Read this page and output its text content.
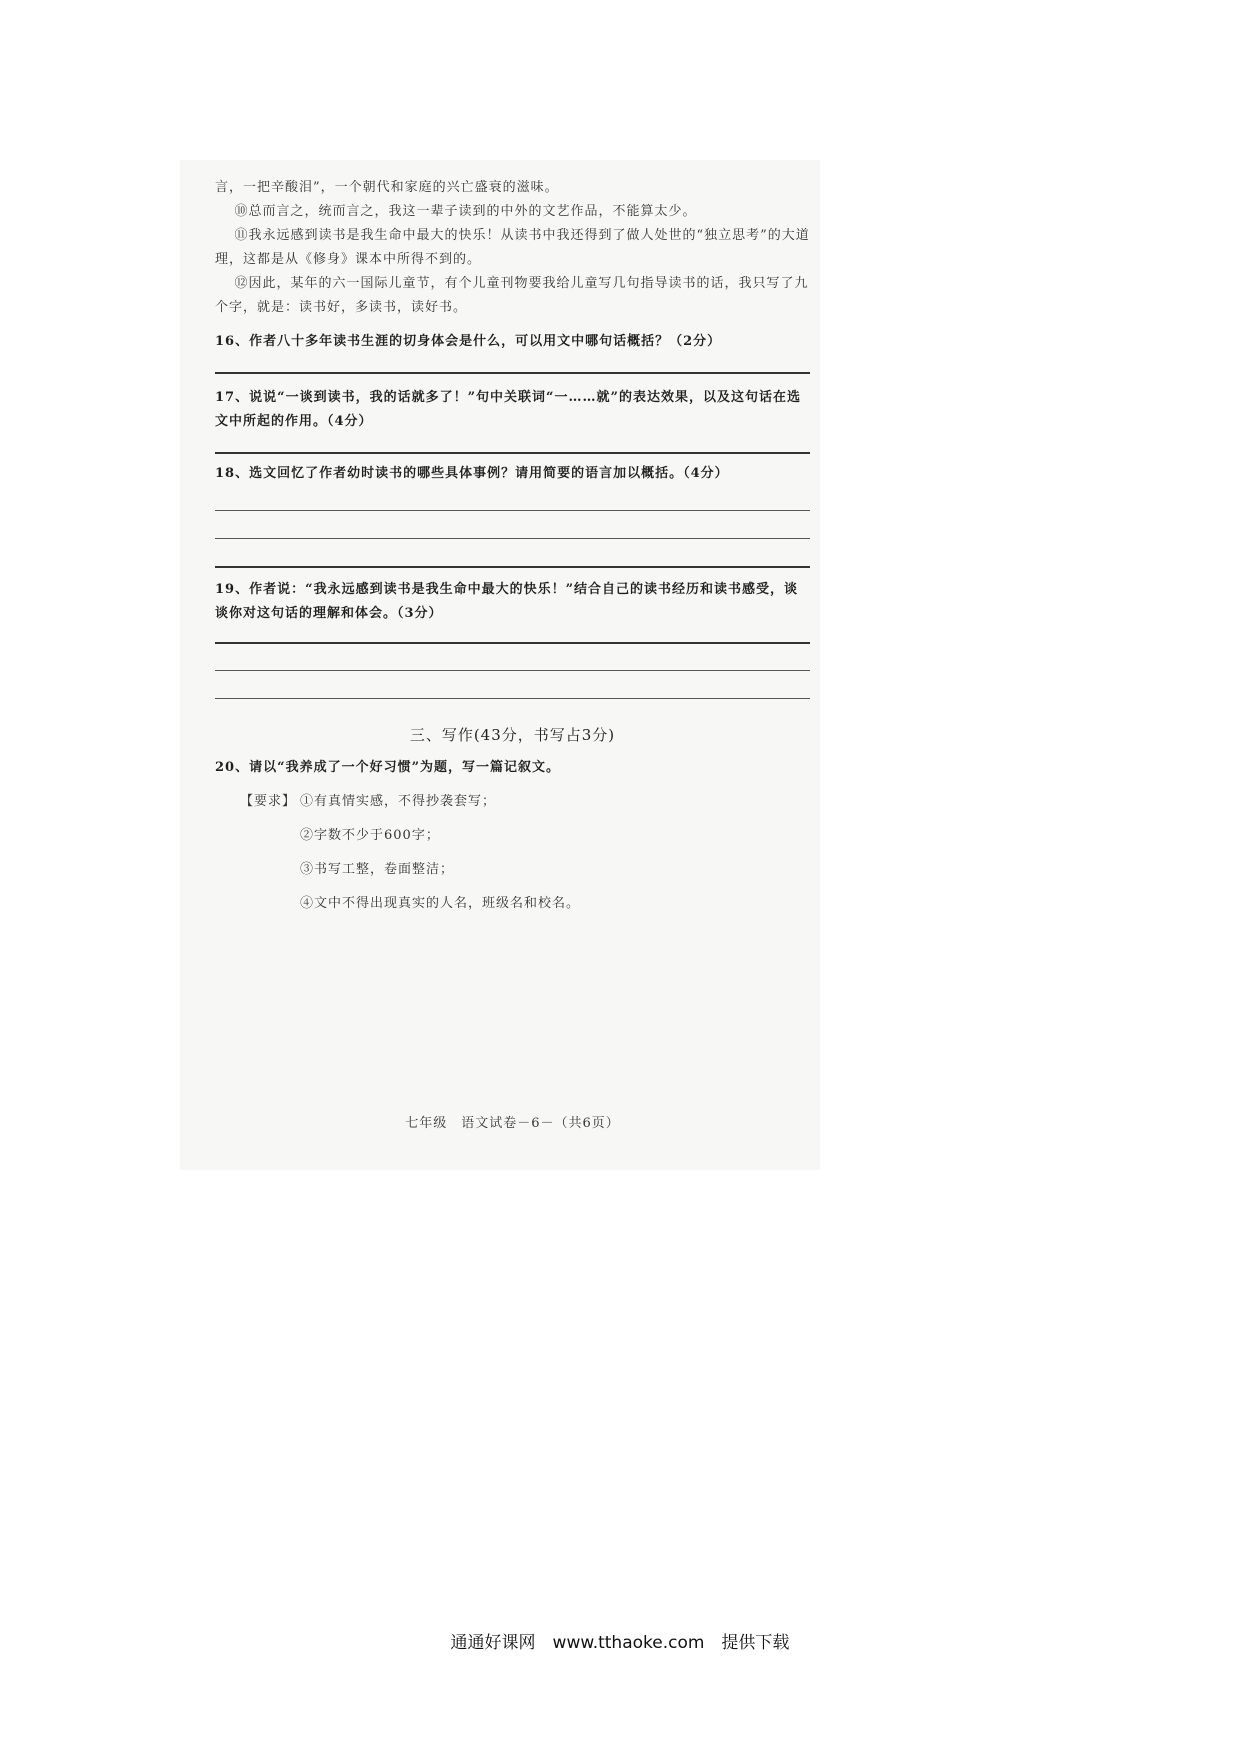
言，一把辛酸泪”，一个朝代和家庭的兴亡盛衰的滋味。
⑩总而言之，统而言之，我这一辈子读到的中外的文艺作品，不能算太少。
⑪我永远感到读书是我生命中最大的快乐！从读书中我还得到了做人处世的“独立思考”的大道理，这都是从《修身》课本中所得不到的。
⑫因此，某年的六一国际儿童节，有个儿童刊物要我给儿童写几句指导读书的话，我只写了九个字，就是：读书好，多读书，读好书。
16、作者八十多年读书生涯的切身体会是什么，可以用文中哪句话概括？（2分）
17、说说“一谈到读书，我的话就多了！”句中关联词“一……就”的表达效果，以及这句话在选文中所起的作用。（4分）
18、选文回忆了作者幼时读书的哪些具体事例？请用简要的语言加以概括。（4分）
19、作者说：“我永远感到读书是我生命中最大的快乐！”结合自己的读书经历和读书感受，谈谈你对这句话的理解和体会。（3分）
三、写作(43分，书写占3分)
20、请以“我养成了一个好习惯”为题，写一篇记叙文。
【要求】 ①有真情实感，不得抄袭套写；
②字数不少于600字；
③书写工整，卷面整洁；
④文中不得出现真实的人名，班级名和校名。
七年级　语文试卷－6－（共6页）
通通好课网　www.tthaoke.com　提供下载
